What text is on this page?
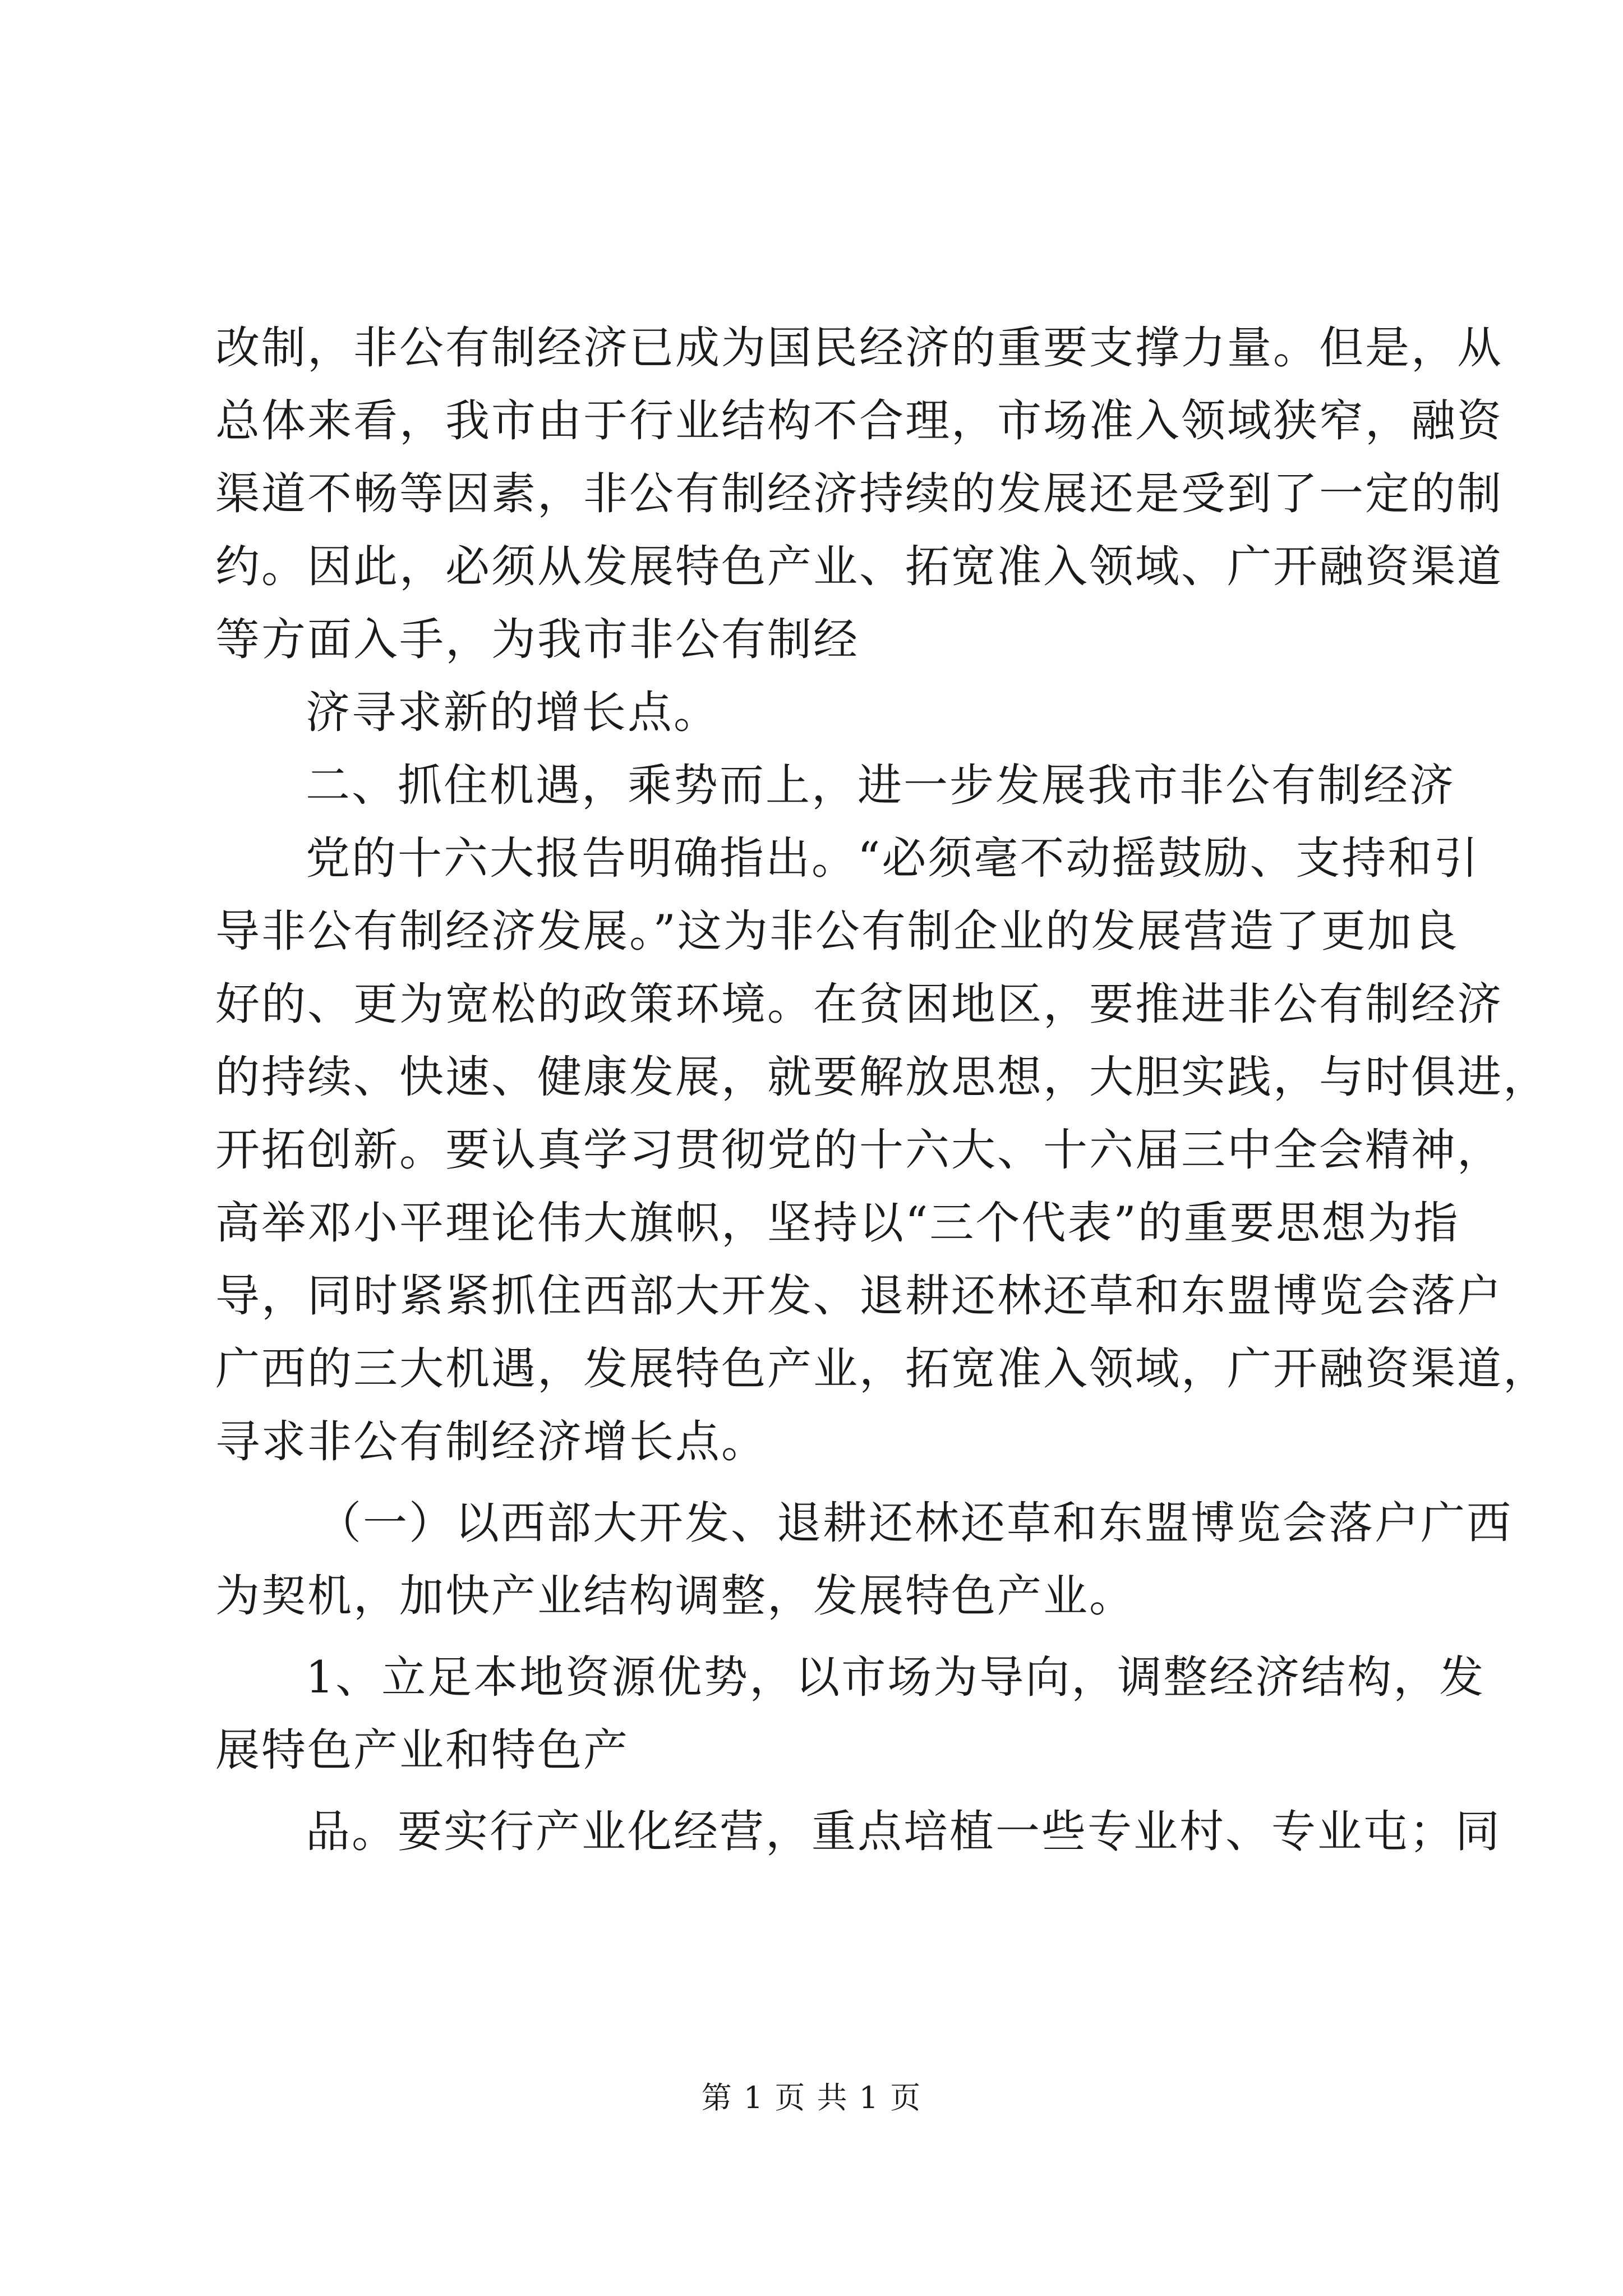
改制，非公有制经济已成为国民经济的重要支撑力量。但是，从
总体来看，我市由于行业结构不合理，市场准入领域狭窄，融资
渠道不畅等因素，非公有制经济持续的发展还是受到了一定的制
约。因此，必须从发展特色产业、拓宽准入领域、广开融资渠道
等方面入手，为我市非公有制经
济寻求新的增长点。
二、抓住机遇，乘势而上，进一步发展我市非公有制经济
党的十六大报告明确指出。“必须毫不动摇鼓励、支持和引
导非公有制经济发展。”这为非公有制企业的发展营造了更加良
好的、更为宽松的政策环境。在贫困地区，要推进非公有制经济
的持续、快速、健康发展，就要解放思想，大胆实践，与时俱进，
开拓创新。要认真学习贯彻党的十六大、十六届三中全会精神，
高举邓小平理论伟大旗帜，坚持以“三个代表”的重要思想为指
导，同时紧紧抓住西部大开发、退耕还林还草和东盟博览会落户
广西的三大机遇，发展特色产业，拓宽准入领域，广开融资渠道，
寻求非公有制经济增长点。
（一）以西部大开发、退耕还林还草和东盟博览会落户广西
为契机，加快产业结构调整，发展特色产业。
1、立足本地资源优势，以市场为导向，调整经济结构，发
展特色产业和特色产
品。要实行产业化经营，重点培植一些专业村、专业屯；同
第 1 页 共 1 页
